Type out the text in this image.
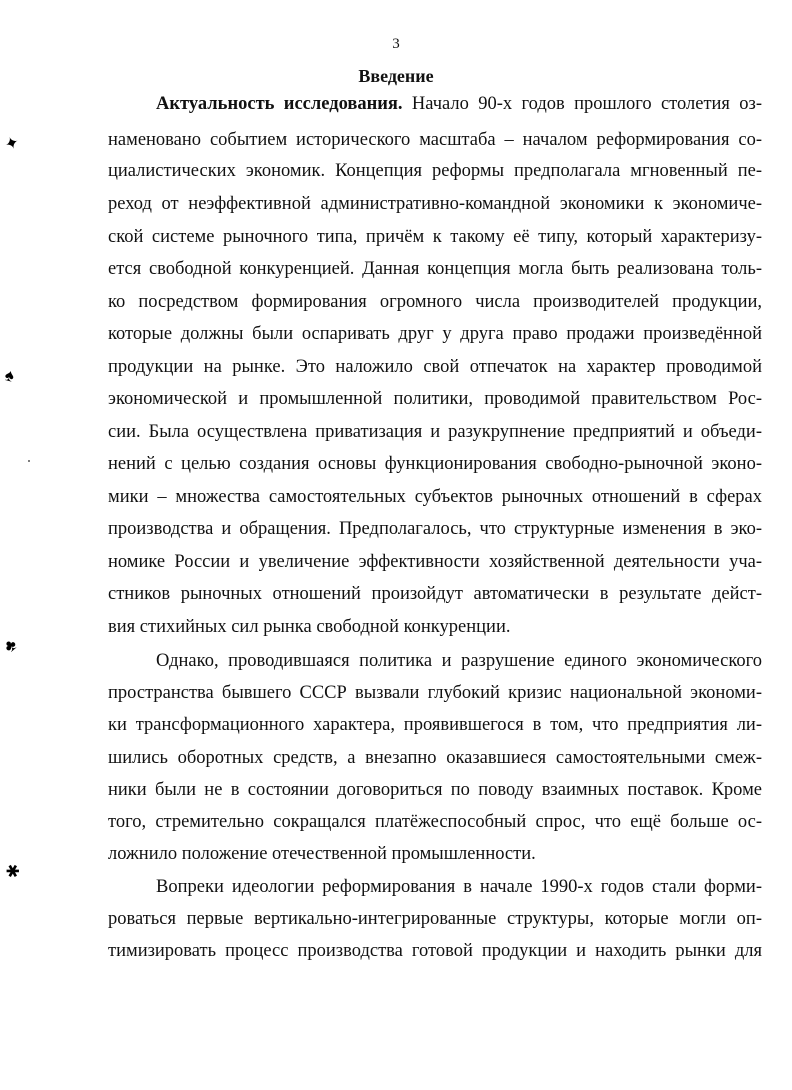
3
Введение
Актуальность исследования. Начало 90-х годов прошлого столетия оз-
наменовано событием исторического масштаба – началом реформирования со-
циалистических экономик. Концепция реформы предполагала мгновенный пе-
реход от неэффективной административно-командной экономики к экономиче-
ской системе рыночного типа, причём к такому её типу, который характеризу-
ется свободной конкуренцией. Данная концепция могла быть реализована толь-
ко посредством формирования огромного числа производителей продукции,
которые должны были оспаривать друг у друга право продажи произведённой
продукции на рынке. Это наложило свой отпечаток на характер проводимой
экономической и промышленной политики, проводимой правительством Рос-
сии. Была осуществлена приватизация и разукрупнение предприятий и объеди-
нений с целью создания основы функционирования свободно-рыночной эконо-
мики – множества самостоятельных субъектов рыночных отношений в сферах
производства и обращения. Предполагалось, что структурные изменения в эко-
номике России и увеличение эффективности хозяйственной деятельности уча-
стников рыночных отношений произойдут автоматически в результате дейст-
вия стихийных сил рынка свободной конкуренции.
Однако, проводившаяся политика и разрушение единого экономического
пространства бывшего СССР вызвали глубокий кризис национальной экономи-
ки трансформационного характера, проявившегося в том, что предприятия ли-
шились оборотных средств, а внезапно оказавшиеся самостоятельными смеж-
ники были не в состоянии договориться по поводу взаимных поставок. Кроме
того, стремительно сокращался платёжеспособный спрос, что ещё больше ос-
ложнило положение отечественной промышленности.
Вопреки идеологии реформирования в начале 1990-х годов стали форми-
роваться первые вертикально-интегрированные структуры, которые могли оп-
тимизировать процесс производства готовой продукции и находить рынки для
✦
♠
♣
✱
